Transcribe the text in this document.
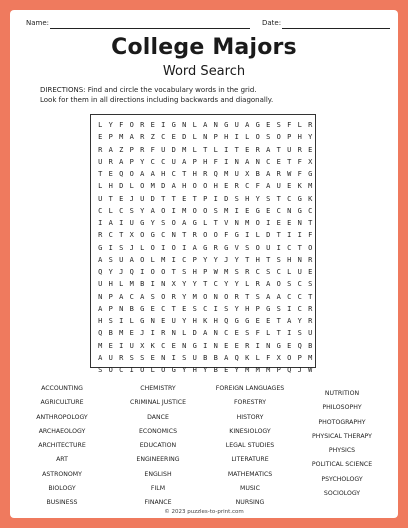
Name:	Date:
College Majors
Word Search
DIRECTIONS: Find and circle the vocabulary words in the grid.
Look for them in all directions including backwards and diagonally.
L Y F O R E I G N L A N G U A G E S F L R
E P M A R Z C E D L N P H I L O S O P H Y
R A Z P R F U D M L T L I T E R A T U R E
U R A P Y C C U A P H F I N A N C E T F X
T E Q O A A H C T H R Q M U X B A R W F G
L H D L O M D A H O O H E R C F A U E K M
U T E J U D T T E T P I D S H Y S T C G K
C L C S Y A O I M O O S M I E G E C N G C
I A I U G Y S O A G L T V N M O I E E N T
R C T X O G C N T R O O F G I L D T I I F
G I S J L O I O I A G R G V S O U I C T O
A S U A O L M I C P Y Y J Y T H T S H N R
Q Y J Q I O O T S H P W M S R C S C L U E
U H L M B I N X Y Y T C Y Y L R A O S C S
N P A C A S O R Y M O N O R T S A A C C T
A P N B G E C T E S C I S Y H P G S I C R
H S I L G N E U Y H K H Q G G E E T A Y R
Q B M E J I R N L D A N C E S F L T I S U
M E I U X K C E N G I N E E R I N G E Q B
A U R S S E N I S U B B A Q K L F X O P M
S O C I O L O G Y H Y B E Y M M M P Q J W
ACCOUNTING
AGRICULTURE
ANTHROPOLOGY
ARCHAEOLOGY
ARCHITECTURE
ART
ASTRONOMY
BIOLOGY
BUSINESS
CHEMISTRY
CRIMINAL JUSTICE
DANCE
ECONOMICS
EDUCATION
ENGINEERING
ENGLISH
FILM
FINANCE
FOREIGN LANGUAGES
FORESTRY
HISTORY
KINESIOLOGY
LEGAL STUDIES
LITERATURE
MATHEMATICS
MUSIC
NURSING
NUTRITION
PHILOSOPHY
PHOTOGRAPHY
PHYSICAL THERAPY
PHYSICS
POLITICAL SCIENCE
PSYCHOLOGY
SOCIOLOGY
© 2023 puzzles-to-print.com
